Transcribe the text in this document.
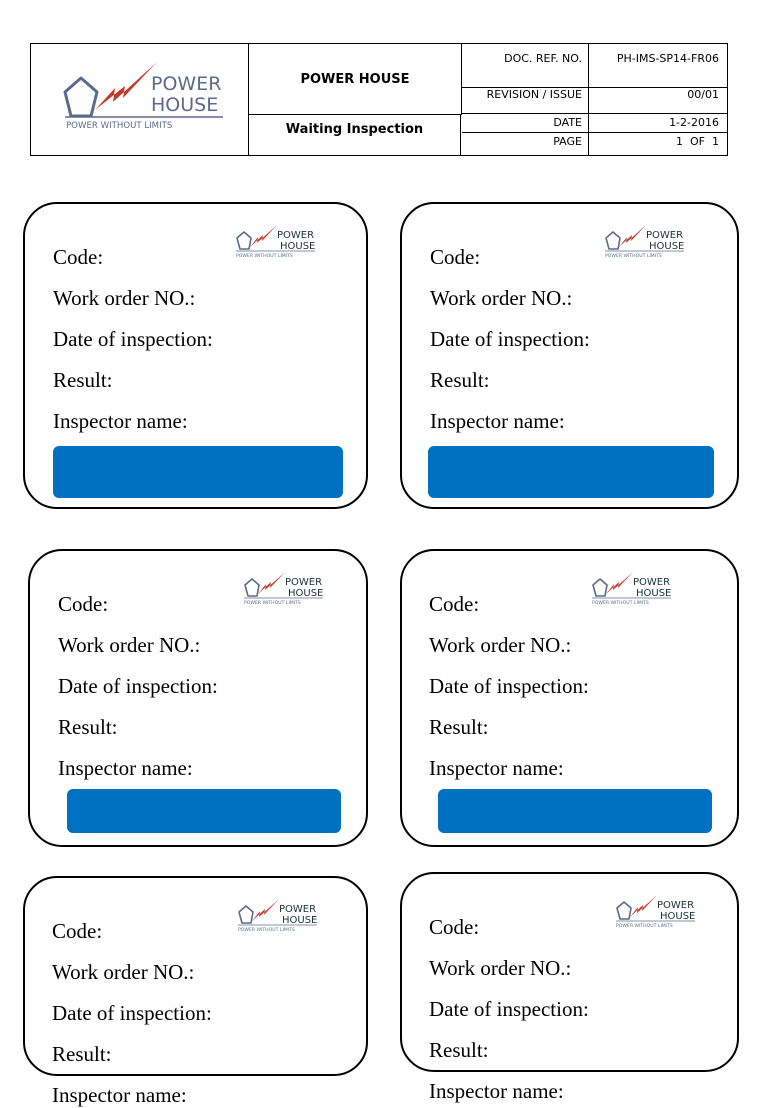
POWER
HOUSE
POWER WITHOUT LIMITS
POWER HOUSE
Waiting Inspection
DOC. REF. NO.	PH-IMS-SP14-FR06
REVISION / ISSUE	00/01
DATE	1-2-2016
PAGE	1  OF  1
POWER
HOUSE
POWER WITHOUT LIMITS
Code:
Work order NO.:
Date of inspection:
Result:
Inspector name:
POWER
HOUSE
POWER WITHOUT LIMITS
Code:
Work order NO.:
Date of inspection:
Result:
Inspector name:
POWER
HOUSE
POWER WITHOUT LIMITS
Code:
Work order NO.:
Date of inspection:
Result:
Inspector name:
POWER
HOUSE
POWER WITHOUT LIMITS
Code:
Work order NO.:
Date of inspection:
Result:
Inspector name:
POWER
HOUSE
POWER WITHOUT LIMITS
Code:
Work order NO.:
Date of inspection:
Result:
Inspector name:
POWER
HOUSE
POWER WITHOUT LIMITS
Code:
Work order NO.:
Date of inspection:
Result:
Inspector name:
